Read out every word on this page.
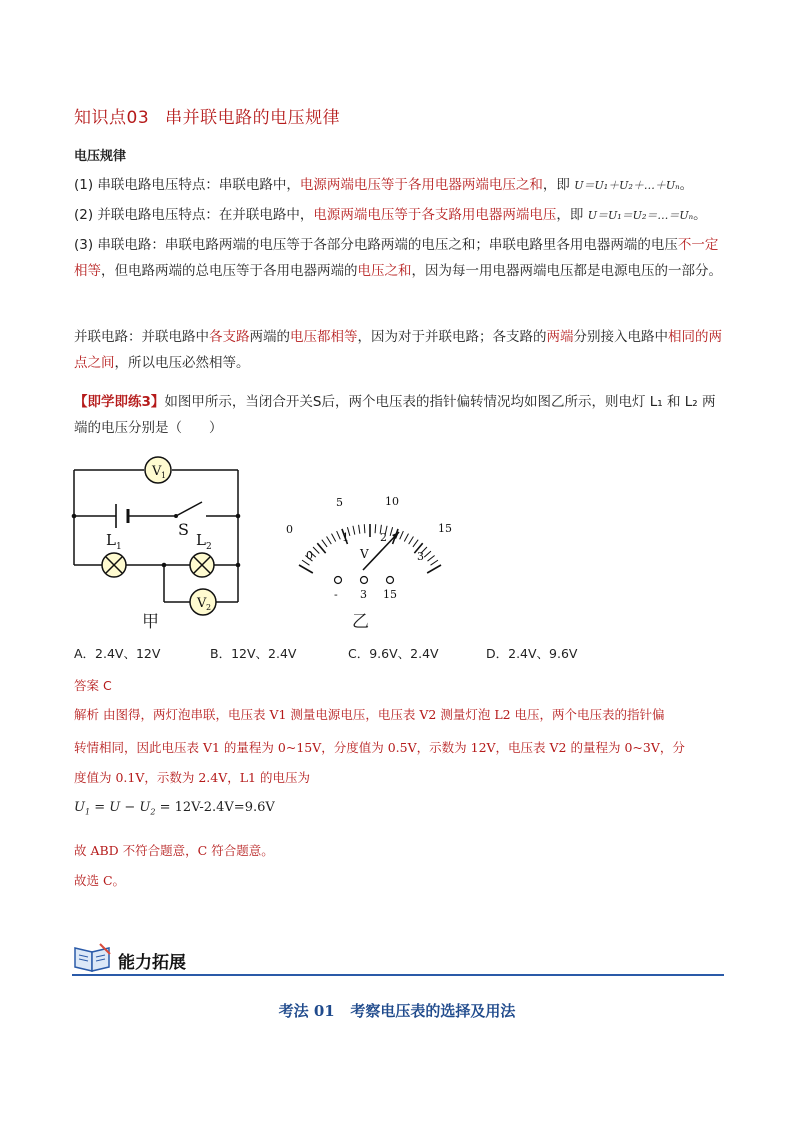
知识点03 串并联电路的电压规律
电压规律
(1) 串联电路电压特点：串联电路中，电源两端电压等于各用电器两端电压之和，即 U＝U₁＋U₂＋…＋Uₙ。
(2) 并联电路电压特点：在并联电路中，电源两端电压等于各支路用电器两端电压，即 U＝U₁＝U₂＝…＝Uₙ。
(3) 串联电路：串联电路两端的电压等于各部分电路两端的电压之和；串联电路里各用电器两端的电压不一定相等，但电路两端的总电压等于各用电器两端的电压之和，因为每一用电器两端电压都是电源电压的一部分。
并联电路：并联电路中各支路两端的电压都相等，因为对于并联电路；各支路的两端分别接入电路中相同的两点之间，所以电压必然相等。
【即学即练3】如图甲所示，当闭合开关S后，两个电压表的指针偏转情况均如图乙所示，则电灯 L₁ 和 L₂ 两端的电压分别是（　　）
V 1
L 1	L 2
S
V 2
甲
0
5	10
15
0
1	2
3
V
- 3 15
乙
A．2.4V、12V	B．12V、2.4V	C．9.6V、2.4V	D．2.4V、9.6V
答案 C
解析 由图得，两灯泡串联，电压表 V1 测量电源电压，电压表 V2 测量灯泡 L2 电压，两个电压表的指针偏
转情相同，因此电压表 V1 的量程为 0~15V，分度值为 0.5V，示数为 12V，电压表 V2 的量程为 0~3V，分
度值为 0.1V，示数为 2.4V，L1 的电压为
$U_1 = U - U_2 = 12V-2.4V=9.6V$
故 ABD 不符合题意，C 符合题意。
故选 C。
能力拓展
考法 01 考察电压表的选择及用法
